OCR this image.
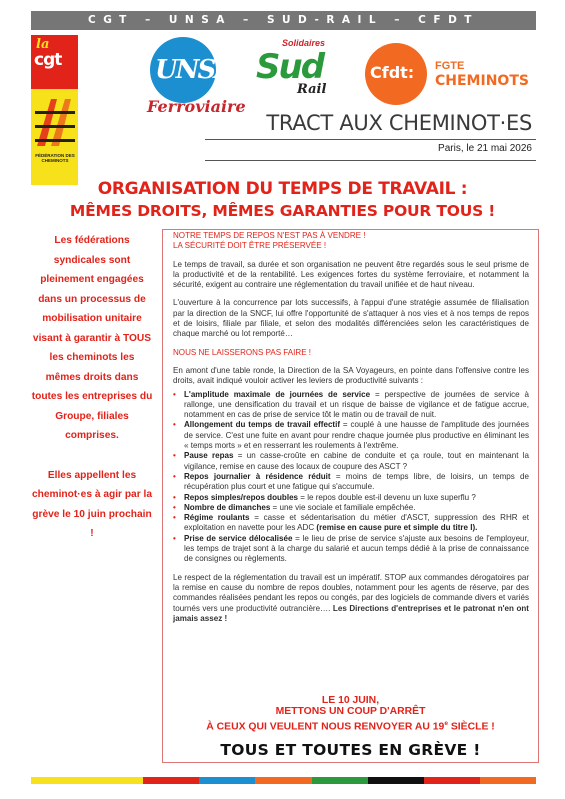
CGT – UNSA – SUD-RAIL – CFDT
la
cgt
FÉDÉRATION DES CHEMINOTS
UNSA
Ferroviaire
Solidaires
Sud
Rail
Cfdt: FGTE
CHEMINOTS
TRACT AUX CHEMINOT·ES
Paris, le 21 mai 2026
ORGANISATION DU TEMPS DE TRAVAIL :
MÊMES DROITS, MÊMES GARANTIES POUR TOUS !

Les fédérations syndicales sont pleinement engagées dans un processus de mobilisation unitaire visant à garantir à TOUS les cheminots les mêmes droits dans toutes les entreprises du Groupe, filiales comprises.

Elles appellent les cheminot·es à agir par la grève le 10 juin prochain !

NOTRE TEMPS DE REPOS N'EST PAS À VENDRE !

LA SÉCURITÉ DOIT ÊTRE PRÉSERVÉE !

Le temps de travail, sa durée et son organisation ne peuvent être regardés sous le seul prisme de la productivité et de la rentabilité. Les exigences fortes du système ferroviaire, et notamment la sécurité, exigent au contraire une réglementation du travail unifiée et de haut niveau.

L'ouverture à la concurrence par lots successifs, à l'appui d'une stratégie assumée de filialisation par la direction de la SNCF, lui offre l'opportunité de s'attaquer à nos vies et à nos temps de repos et de loisirs, filiale par filiale, et selon des modalités différenciées selon les caractéristiques de chaque marché ou lot remporté…

NOUS NE LAISSERONS PAS FAIRE !

En amont d'une table ronde, la Direction de la SA Voyageurs, en pointe dans l'offensive contre les droits, avait indiqué vouloir activer les leviers de productivité suivants :

• L'amplitude maximale de journées de service = perspective de journées de service à rallonge, une densification du travail et un risque de baisse de vigilance et de fatigue accrue, notamment en cas de prise de service tôt le matin ou de travail de nuit.
• Allongement du temps de travail effectif = couplé à une hausse de l'amplitude des journées de service. C'est une fuite en avant pour rendre chaque journée plus productive en éliminant les « temps morts » et en resserrant les roulements à l'extrême.
• Pause repas = un casse-croûte en cabine de conduite et ça roule, tout en maintenant la vigilance, remise en cause des locaux de coupure des ASCT ?
• Repos journalier à résidence réduit = moins de temps libre, de loisirs, un temps de récupération plus court et une fatigue qui s'accumule.
• Repos simples/repos doubles = le repos double est-il devenu un luxe superflu ?
• Nombre de dimanches = une vie sociale et familiale empêchée.
• Régime roulants = casse et sédentarisation du métier d'ASCT, suppression des RHR et exploitation en navette pour les ADC (remise en cause pure et simple du titre I).
• Prise de service délocalisée = le lieu de prise de service s'ajuste aux besoins de l'employeur, les temps de trajet sont à la charge du salarié et aucun temps dédié à la prise de connaissance de consignes ou règlements.

Le respect de la réglementation du travail est un impératif. STOP aux commandes dérogatoires par la remise en cause du nombre de repos doubles, notamment pour les agents de réserve, par des commandes réalisées pendant les repos ou congés, par des logiciels de commande divers et variés tournés vers une productivité outrancière…. Les Directions d'entreprises et le patronat n'en ont jamais assez !

LE 10 JUIN,
METTONS UN COUP D'ARRÊT
À CEUX QUI VEULENT NOUS RENVOYER AU 19e SIÈCLE !
TOUS ET TOUTES EN GRÈVE !
